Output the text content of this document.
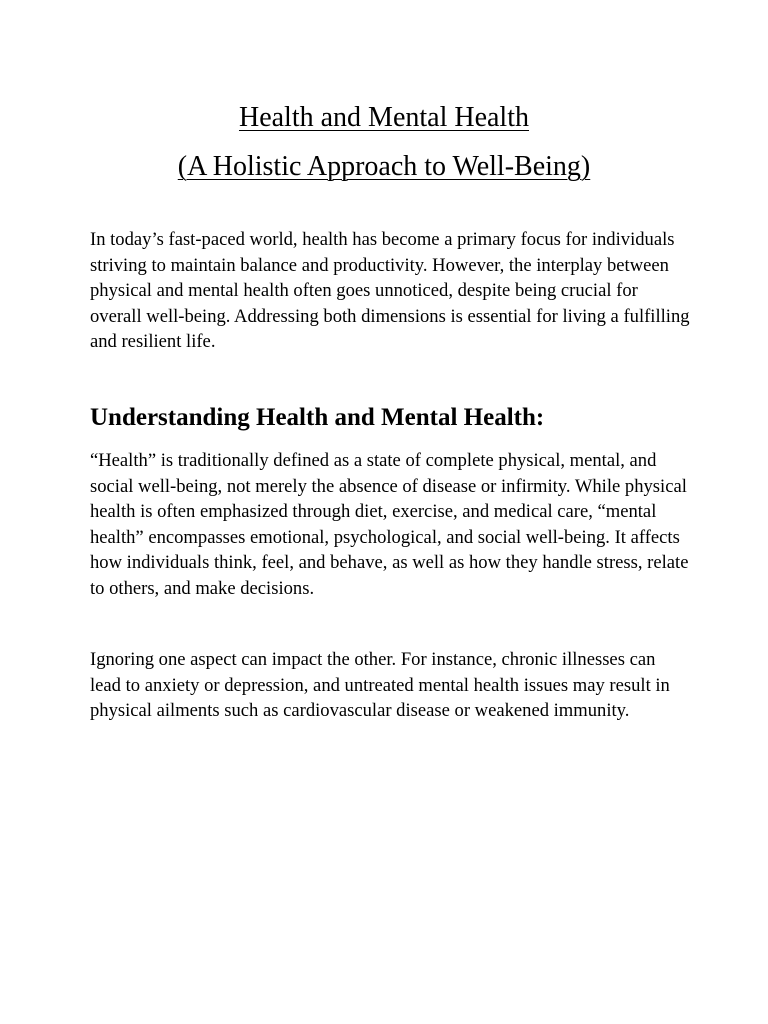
Health and Mental Health
(A Holistic Approach to Well-Being)

In today’s fast-paced world, health has become a primary focus for individuals striving to maintain balance and productivity. However, the interplay between physical and mental health often goes unnoticed, despite being crucial for overall well-being. Addressing both dimensions is essential for living a fulfilling and resilient life.

Understanding Health and Mental Health:

“Health” is traditionally defined as a state of complete physical, mental, and social well-being, not merely the absence of disease or infirmity. While physical health is often emphasized through diet, exercise, and medical care, “mental health” encompasses emotional, psychological, and social well-being. It affects how individuals think, feel, and behave, as well as how they handle stress, relate to others, and make decisions.

Ignoring one aspect can impact the other. For instance, chronic illnesses can lead to anxiety or depression, and untreated mental health issues may result in physical ailments such as cardiovascular disease or weakened immunity.
